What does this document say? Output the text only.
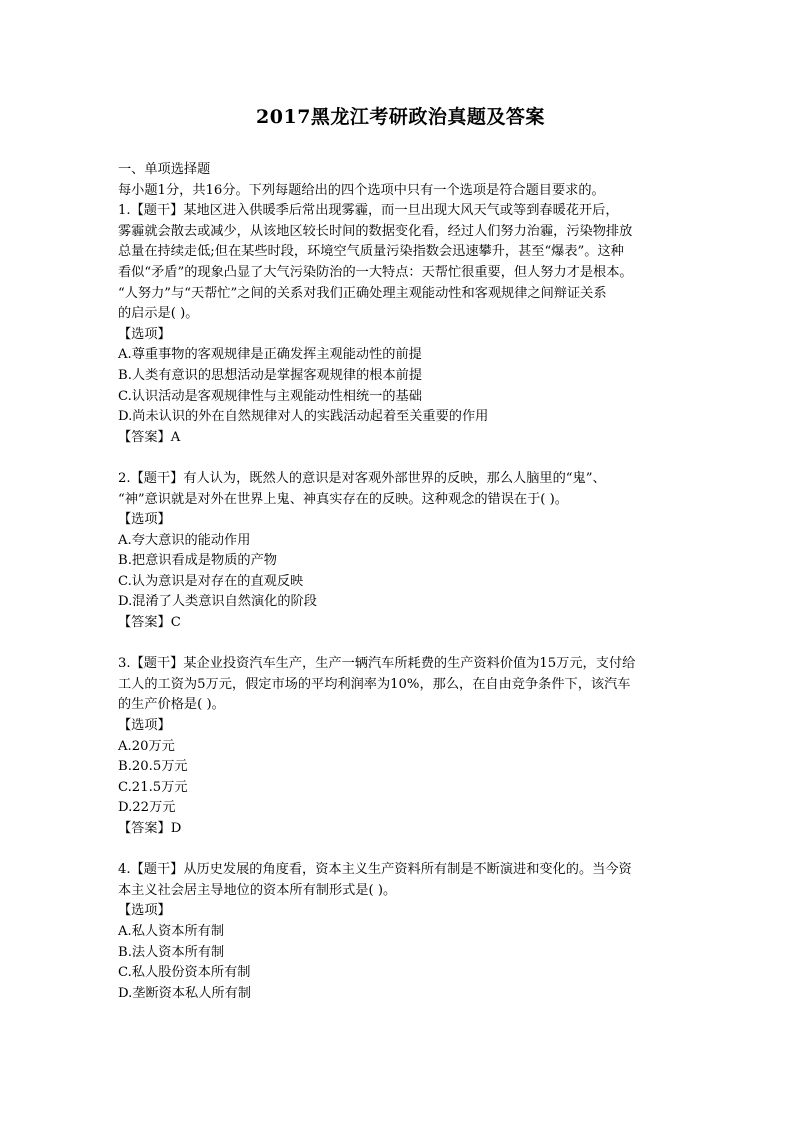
2017黑龙江考研政治真题及答案
一、单项选择题
每小题1分，共16分。下列每题给出的四个选项中只有一个选项是符合题目要求的。
1.【题干】某地区进入供暖季后常出现雾霾，而一旦出现大风天气或等到春暖花开后，
雾霾就会散去或减少，从该地区较长时间的数据变化看，经过人们努力治霾，污染物排放
总量在持续走低;但在某些时段，环境空气质量污染指数会迅速攀升，甚至“爆表”。这种
看似“矛盾”的现象凸显了大气污染防治的一大特点：天帮忙很重要，但人努力才是根本。
“人努力”与“天帮忙”之间的关系对我们正确处理主观能动性和客观规律之间辩证关系
的启示是( )。
【选项】
A.尊重事物的客观规律是正确发挥主观能动性的前提
B.人类有意识的思想活动是掌握客观规律的根本前提
C.认识活动是客观规律性与主观能动性相统一的基础
D.尚未认识的外在自然规律对人的实践活动起着至关重要的作用
【答案】A
2.【题干】有人认为，既然人的意识是对客观外部世界的反映，那么人脑里的“鬼”、
“神”意识就是对外在世界上鬼、神真实存在的反映。这种观念的错误在于( )。
【选项】
A.夸大意识的能动作用
B.把意识看成是物质的产物
C.认为意识是对存在的直观反映
D.混淆了人类意识自然演化的阶段
【答案】C
3.【题干】某企业投资汽车生产，生产一辆汽车所耗费的生产资料价值为15万元，支付给
工人的工资为5万元，假定市场的平均利润率为10%，那么，在自由竞争条件下，该汽车
的生产价格是( )。
【选项】
A.20万元
B.20.5万元
C.21.5万元
D.22万元
【答案】D
4.【题干】从历史发展的角度看，资本主义生产资料所有制是不断演进和变化的。当今资
本主义社会居主导地位的资本所有制形式是( )。
【选项】
A.私人资本所有制
B.法人资本所有制
C.私人股份资本所有制
D.垄断资本私人所有制
